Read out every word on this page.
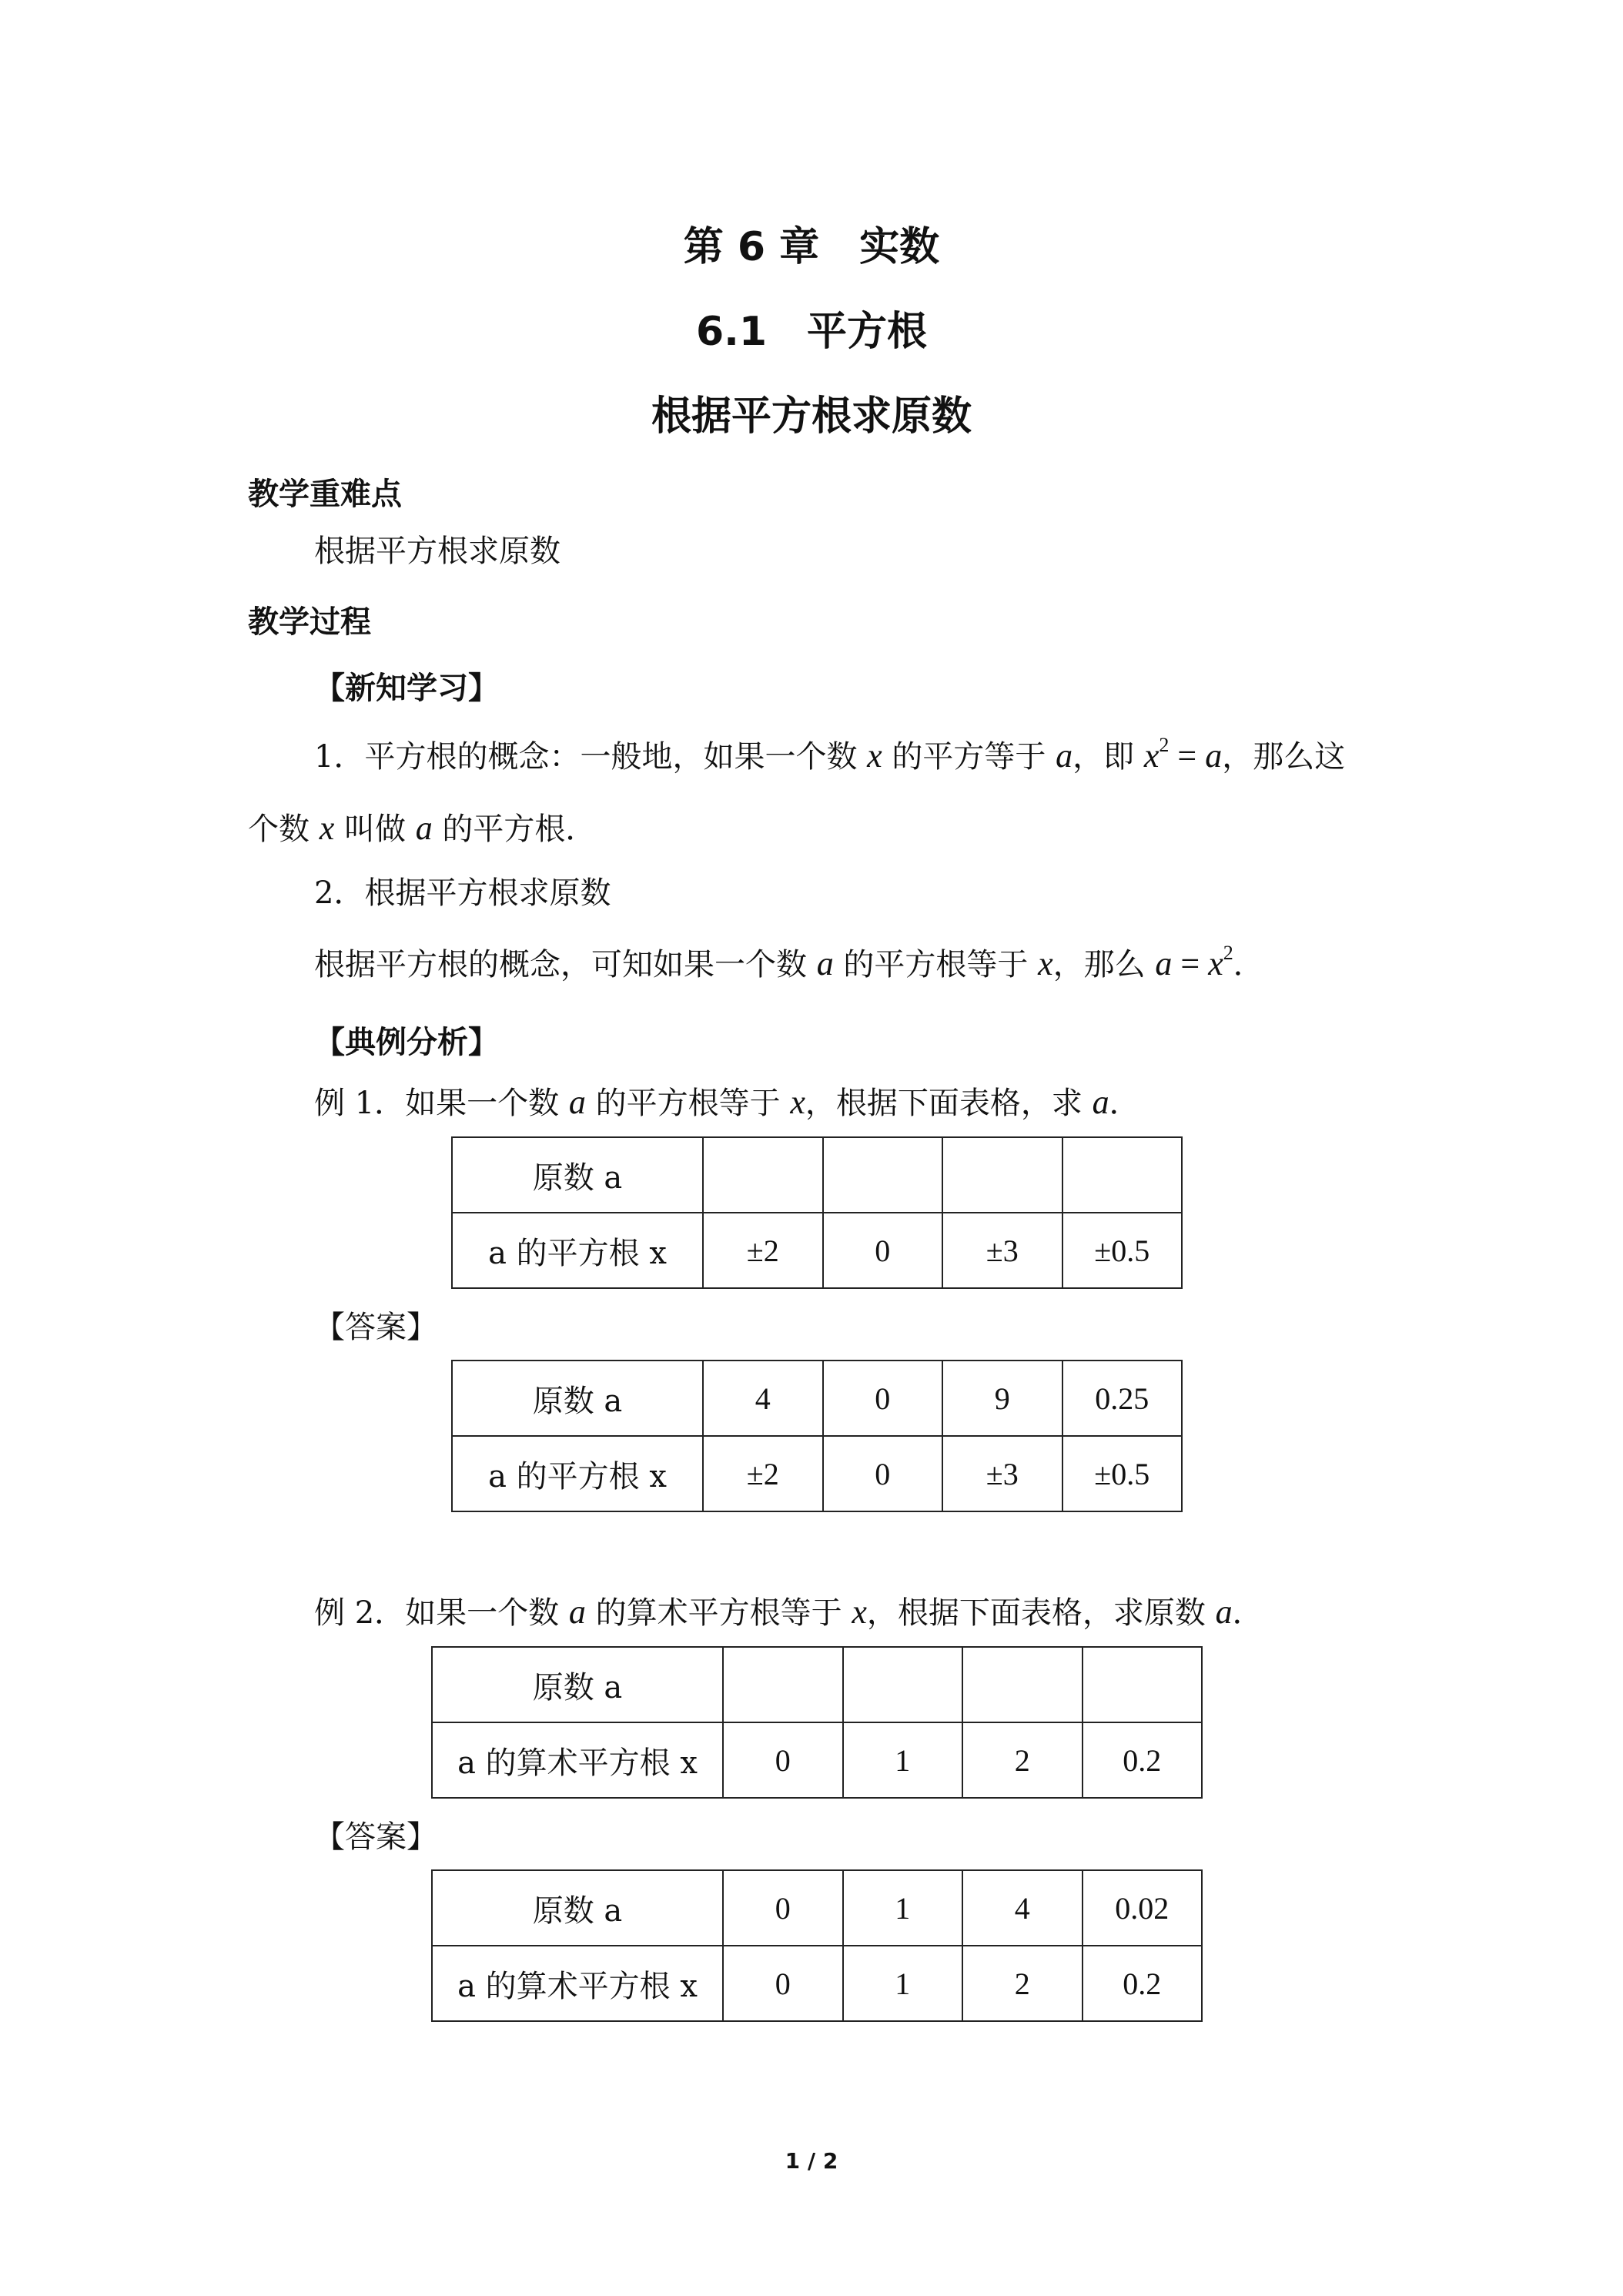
第 6 章　实数
6.1　平方根
根据平方根求原数
教学重难点
根据平方根求原数
教学过程
【新知学习】
1．平方根的概念：一般地，如果一个数 x 的平方等于 a，即 $x^2 = a$，那么这
个数 x 叫做 a 的平方根．
2．根据平方根求原数
根据平方根的概念，可知如果一个数 a 的平方根等于 x，那么 $a = x^2$．
【典例分析】
例 1．如果一个数 a 的平方根等于 x，根据下面表格，求 a．
原数 a				
a 的平方根 x	±2	0	±3	±0.5
【答案】
原数 a	4	0	9	0.25
a 的平方根 x	±2	0	±3	±0.5
例 2．如果一个数 a 的算术平方根等于 x，根据下面表格，求原数 a．
原数 a				
a 的算术平方根 x	0	1	2	0.2
【答案】
原数 a	0	1	4	0.02
a 的算术平方根 x	0	1	2	0.2
1 / 2
